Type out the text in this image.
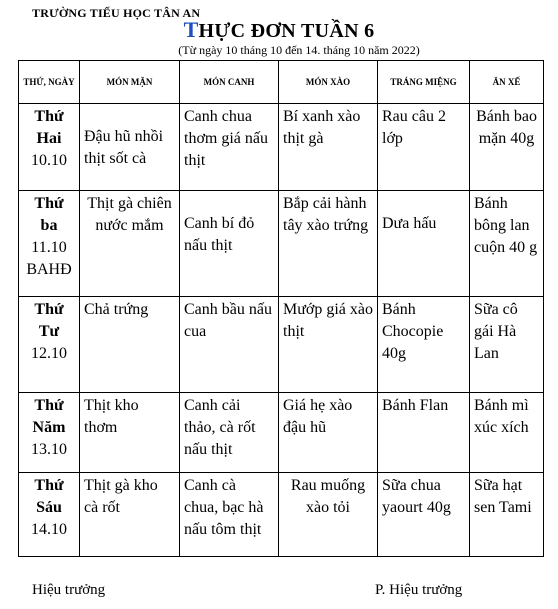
TRƯỜNG TIỂU HỌC TÂN AN
THỰC ĐƠN TUẦN 6
(Từ ngày 10 tháng 10 đến 14. tháng 10 năm 2022)
THỨ, NGÀY	MÓN MẶN	MÓN CANH	MÓN XÀO	TRÁNG MIỆNG	ĂN XẾ

Thứ
Hai
10.10	Đậu hũ nhồi thịt sốt cà	Canh chua thơm giá nấu thịt	Bí xanh xào thịt gà	Rau câu 2 lớp	Bánh bao mặn 40g

Thứ
ba
11.10
BAHĐ	Thịt gà chiên nước mắm	Canh bí đỏ nấu thịt	Bắp cải hành tây xào trứng	Dưa hấu	Bánh bông lan cuộn 40 g

Thứ
Tư
12.10	Chả trứng	Canh bầu nấu cua	Mướp giá xào thịt	Bánh Chocopie 40g	Sữa cô gái Hà Lan

Thứ
Năm
13.10	Thịt kho thơm	Canh cải thảo, cà rốt nấu thịt	Giá hẹ xào đậu hũ	Bánh Flan	Bánh mì xúc xích

Thứ
Sáu
14.10	Thịt gà kho cà rốt	Canh cà chua, bạc hà nấu tôm thịt	Rau muống xào tỏi	Sữa chua yaourt 40g	Sữa hạt sen Tami
Hiệu trưởng	P. Hiệu trưởng
